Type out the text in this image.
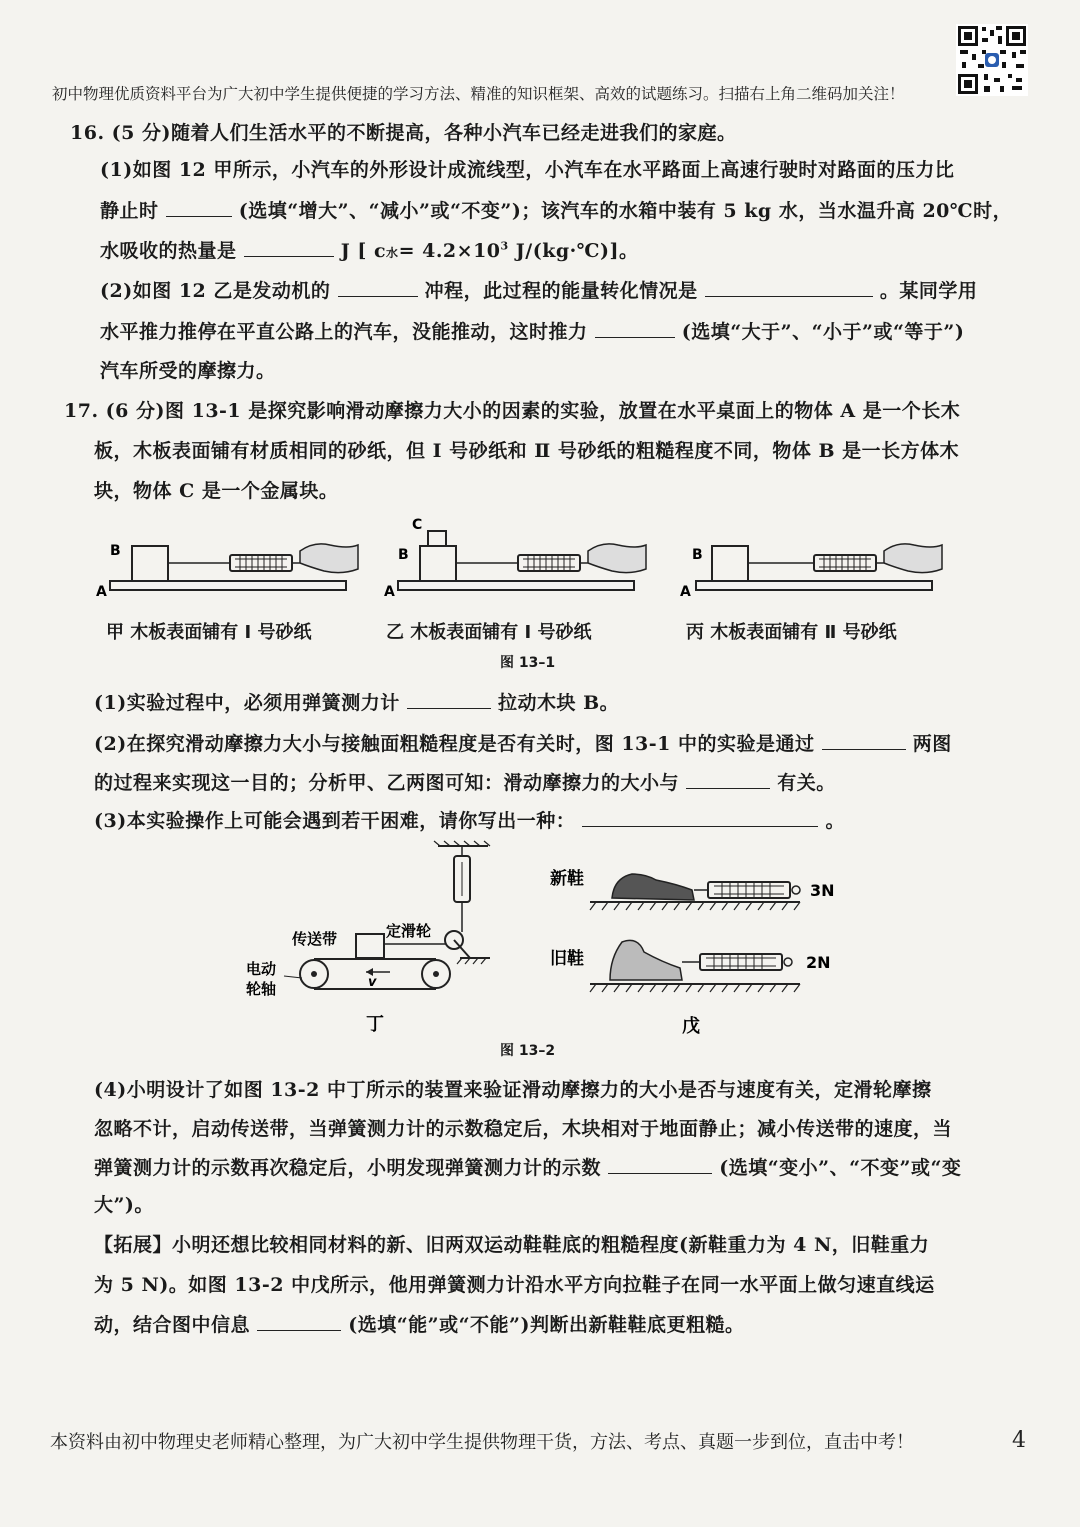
初中物理优质资料平台为广大初中学生提供便捷的学习方法、精准的知识框架、高效的试题练习。扫描右上角二维码加关注！
16. (5 分)随着人们生活水平的不断提高，各种小汽车已经走进我们的家庭。
(1)如图 12 甲所示，小汽车的外形设计成流线型，小汽车在水平路面上高速行驶时对路面的压力比
静止时	(选填“增大”、“减小”或“不变”)；该汽车的水箱中装有 5 kg 水，当水温升高 20℃时，
水吸收的热量是	J [ c水= $4.2\times 10^3$ J/(kg·℃)]。
(2)如图 12 乙是发动机的	冲程，此过程的能量转化情况是	。某同学用
水平推力推停在平直公路上的汽车，没能推动，这时推力	(选填“大于”、“小于”或“等于”)
汽车所受的摩擦力。
17. (6 分)图 13-1 是探究影响滑动摩擦力大小的因素的实验，放置在水平桌面上的物体 A 是一个长木
板，木板表面铺有材质相同的砂纸，但 Ⅰ 号砂纸和 Ⅱ 号砂纸的粗糙程度不同，物体 B 是一长方体木
块，物体 C 是一个金属块。
B
A
C
B
A
B
A
甲 木板表面铺有 Ⅰ 号砂纸	乙 木板表面铺有 Ⅰ 号砂纸	丙 木板表面铺有 Ⅱ 号砂纸
图 13–1
(1)实验过程中，必须用弹簧测力计	拉动木块 B。
(2)在探究滑动摩擦力大小与接触面粗糙程度是否有关时，图 13-1 中的实验是通过	两图
的过程来实现这一目的；分析甲、乙两图可知：滑动摩擦力的大小与	有关。
(3)本实验操作上可能会遇到若干困难，请你写出一种：	。
v
传送带	定滑轮
电动
轮轴
丁
新鞋
3N
旧鞋	2N
戊
图 13–2
(4)小明设计了如图 13-2 中丁所示的装置来验证滑动摩擦力的大小是否与速度有关，定滑轮摩擦
忽略不计，启动传送带，当弹簧测力计的示数稳定后，木块相对于地面静止；减小传送带的速度，当
弹簧测力计的示数再次稳定后，小明发现弹簧测力计的示数	(选填“变小”、“不变”或“变
大”)。
【拓展】小明还想比较相同材料的新、旧两双运动鞋鞋底的粗糙程度(新鞋重力为 4 N，旧鞋重力
为 5 N)。如图 13-2 中戊所示，他用弹簧测力计沿水平方向拉鞋子在同一水平面上做匀速直线运
动，结合图中信息	(选填“能”或“不能”)判断出新鞋鞋底更粗糙。
本资料由初中物理史老师精心整理，为广大初中学生提供物理干货，方法、考点、真题一步到位，直击中考！	4
